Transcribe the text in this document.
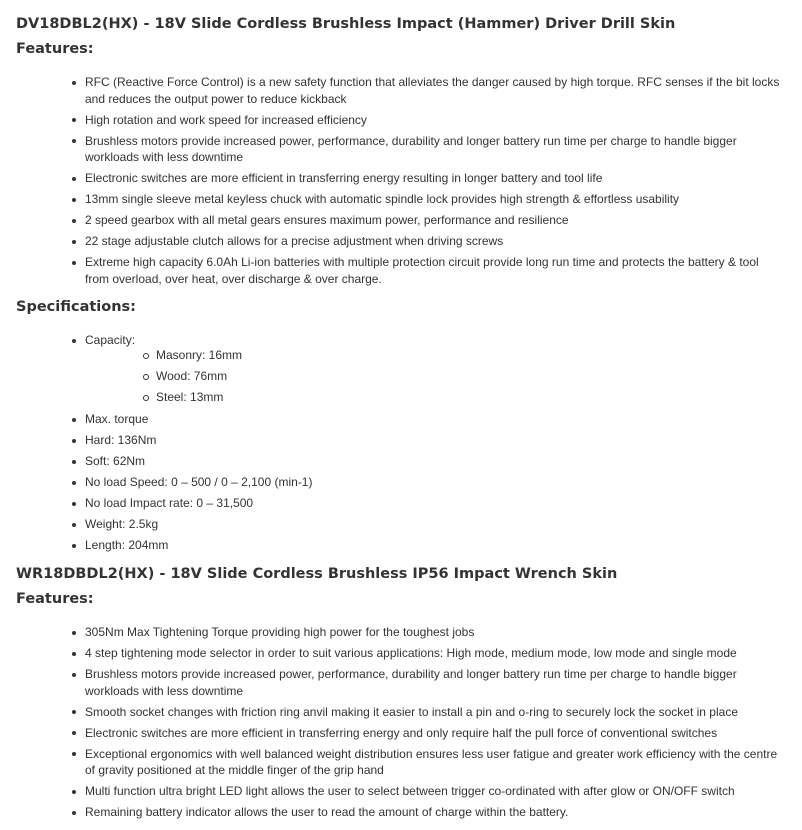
DV18DBL2(HX) - 18V Slide Cordless Brushless Impact (Hammer) Driver Drill Skin
Features:
RFC (Reactive Force Control) is a new safety function that alleviates the danger caused by high torque. RFC senses if the bit locks and reduces the output power to reduce kickback
High rotation and work speed for increased efficiency
Brushless motors provide increased power, performance, durability and longer battery run time per charge to handle bigger workloads with less downtime
Electronic switches are more efficient in transferring energy resulting in longer battery and tool life
13mm single sleeve metal keyless chuck with automatic spindle lock provides high strength & effortless usability
2 speed gearbox with all metal gears ensures maximum power, performance and resilience
22 stage adjustable clutch allows for a precise adjustment when driving screws
Extreme high capacity 6.0Ah Li-ion batteries with multiple protection circuit provide long run time and protects the battery & tool from overload, over heat, over discharge & over charge.
Specifications:
Capacity:
Masonry: 16mm
Wood: 76mm
Steel: 13mm
Max. torque
Hard: 136Nm
Soft: 62Nm
No load Speed: 0 – 500 / 0 – 2,100 (min-1)
No load Impact rate: 0 – 31,500
Weight: 2.5kg
Length: 204mm
WR18DBDL2(HX) - 18V Slide Cordless Brushless IP56 Impact Wrench Skin
Features:
305Nm Max Tightening Torque providing high power for the toughest jobs
4 step tightening mode selector in order to suit various applications: High mode, medium mode, low mode and single mode
Brushless motors provide increased power, performance, durability and longer battery run time per charge to handle bigger workloads with less downtime
Smooth socket changes with friction ring anvil making it easier to install a pin and o-ring to securely lock the socket in place
Electronic switches are more efficient in transferring energy and only require half the pull force of conventional switches
Exceptional ergonomics with well balanced weight distribution ensures less user fatigue and greater work efficiency with the centre of gravity positioned at the middle finger of the grip hand
Multi function ultra bright LED light allows the user to select between trigger co-ordinated with after glow or ON/OFF switch
Remaining battery indicator allows the user to read the amount of charge within the battery.
